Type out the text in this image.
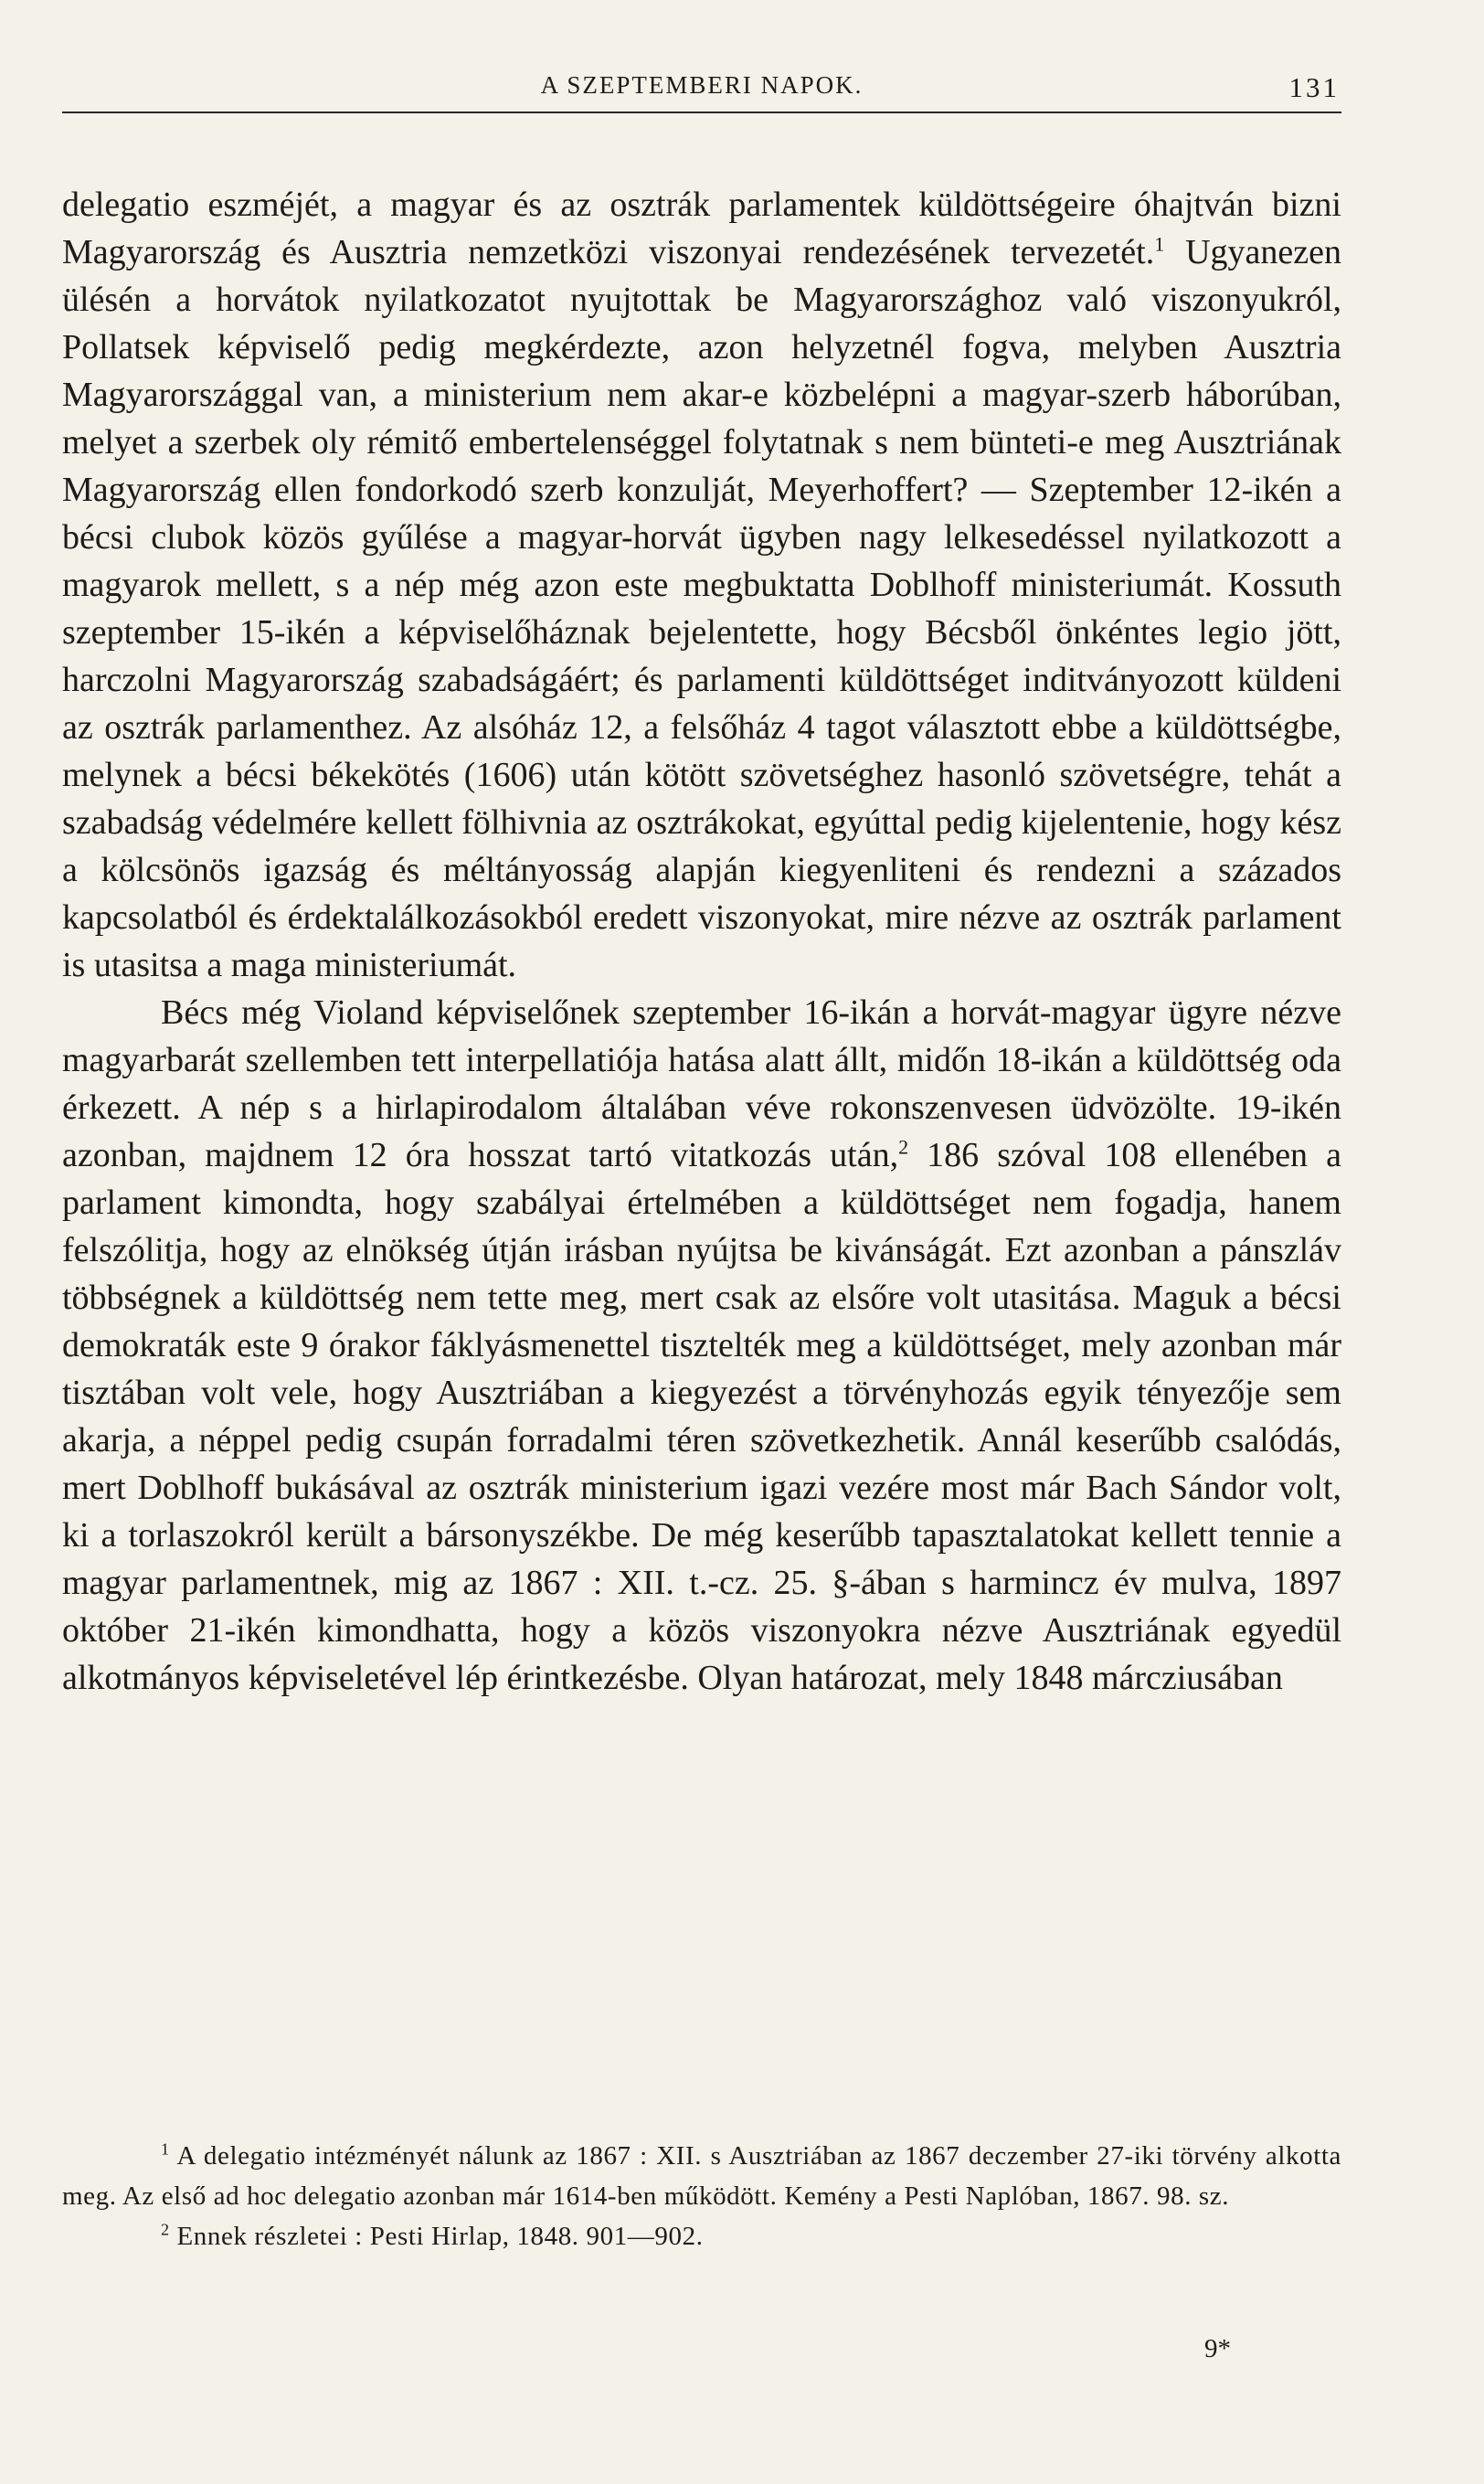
A SZEPTEMBERI NAPOK.	131

delegatio eszméjét, a magyar és az osztrák parlamentek küldöttségeire óhajtván bizni Magyarország és Ausztria nemzetközi viszonyai rendezésének tervezetét.$^1$ Ugyanezen ülésén a horvátok nyilatkozatot nyujtottak be Magyarországhoz való viszonyukról, Pollatsek képviselő pedig megkérdezte, azon helyzetnél fogva, melyben Ausztria Magyarországgal van, a ministerium nem akar-e közbelépni a magyar-szerb háborúban, melyet a szerbek oly rémitő embertelenséggel folytatnak s nem bünteti-e meg Ausztriának Magyarország ellen fondorkodó szerb konzulját, Meyerhoffert? — Szeptember 12-ikén a bécsi clubok közös gyűlése a magyar-horvát ügyben nagy lelkesedéssel nyilatkozott a magyarok mellett, s a nép még azon este megbuktatta Doblhoff ministeriumát. Kossuth szeptember 15-ikén a képviselőháznak bejelentette, hogy Bécsből önkéntes legio jött, harczolni Magyarország szabadságáért; és parlamenti küldöttséget inditványozott küldeni az osztrák parlamenthez. Az alsóház 12, a felsőház 4 tagot választott ebbe a küldöttségbe, melynek a bécsi békekötés (1606) után kötött szövetséghez hasonló szövetségre, tehát a szabadság védelmére kellett fölhivnia az osztrákokat, egyúttal pedig kijelentenie, hogy kész a kölcsönös igazság és méltányosság alapján kiegyenliteni és rendezni a százados kapcsolatból és érdektalálkozásokból eredett viszonyokat, mire nézve az osztrák parlament is utasitsa a maga ministeriumát.

Bécs még Violand képviselőnek szeptember 16-ikán a horvát-magyar ügyre nézve magyarbarát szellemben tett interpellatiója hatása alatt állt, midőn 18-ikán a küldöttség oda érkezett. A nép s a hirlapirodalom általában véve rokonszenvesen üdvözölte. 19-ikén azonban, majdnem 12 óra hosszat tartó vitatkozás után,$^2$ 186 szóval 108 ellenében a parlament kimondta, hogy szabályai értelmében a küldöttséget nem fogadja, hanem felszólitja, hogy az elnökség útján irásban nyújtsa be kivánságát. Ezt azonban a pánszláv többségnek a küldöttség nem tette meg, mert csak az elsőre volt utasitása. Maguk a bécsi demokraták este 9 órakor fáklyásmenettel tisztelték meg a küldöttséget, mely azonban már tisztában volt vele, hogy Ausztriában a kiegyezést a törvényhozás egyik tényezője sem akarja, a néppel pedig csupán forradalmi téren szövetkezhetik. Annál keserűbb csalódás, mert Doblhoff bukásával az osztrák ministerium igazi vezére most már Bach Sándor volt, ki a torlaszokról került a bársonyszékbe. De még keserűbb tapasztalatokat kellett tennie a magyar parlamentnek, mig az 1867 : XII. t.-cz. 25. §-ában s harmincz év mulva, 1897 október 21-ikén kimondhatta, hogy a közös viszonyokra nézve Ausztriának egyedül alkotmányos képviseletével lép érintkezésbe. Olyan határozat, mely 1848 márcziusában

$^1$ A delegatio intézményét nálunk az 1867 : XII. s Ausztriában az 1867 deczember 27-iki törvény alkotta meg. Az első ad hoc delegatio azonban már 1614-ben működött. Kemény a Pesti Naplóban, 1867. 98. sz.

$^2$ Ennek részletei : Pesti Hirlap, 1848. 901—902.

9*
